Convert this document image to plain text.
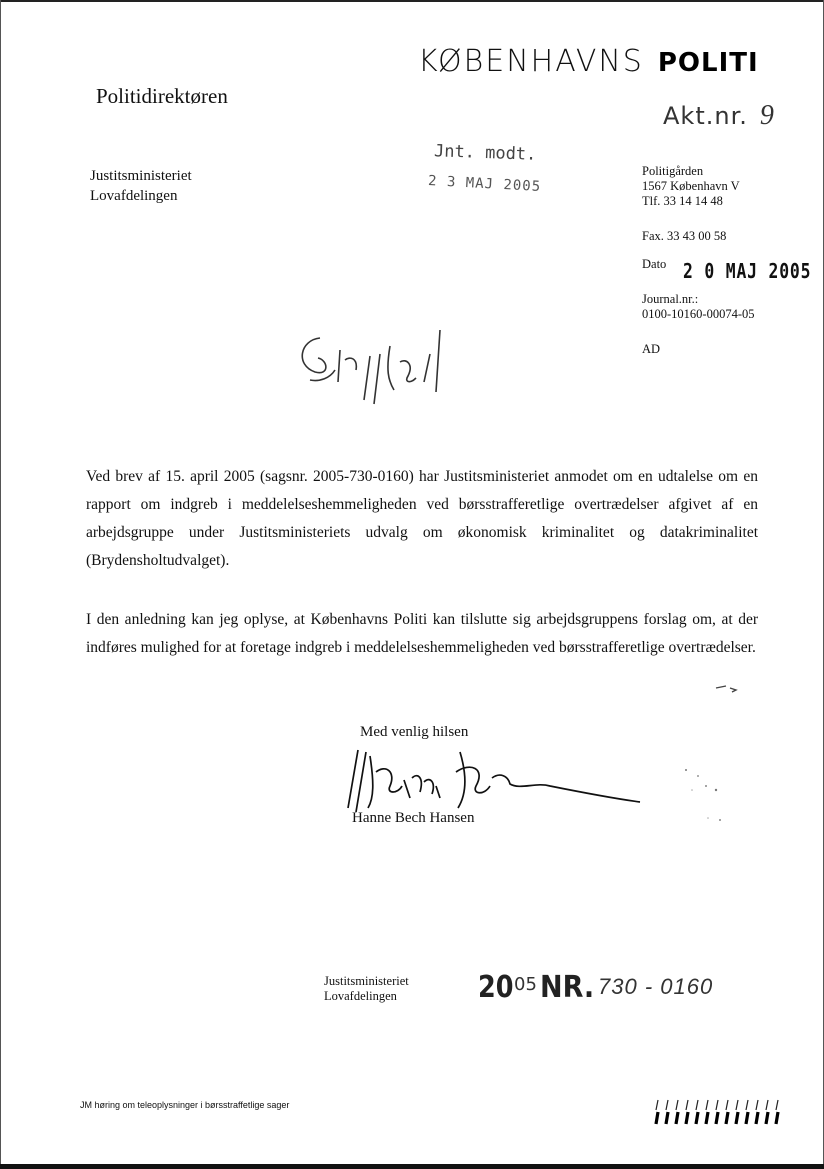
KØBENHAVNS POLITI
Politidirektøren
Akt.nr. 9
Justitsministeriet
Lovafdelingen
Jnt. modt.
2 3 MAJ 2005
Politigården
1567 København V
Tlf. 33 14 14 48
Fax. 33 43 00 58
$^{Dato}$ 2 0 MAJ 2005
Journal.nr.:
0100-10160-00074-05
AD
Ved brev af 15. april 2005 (sagsnr. 2005-730-0160) har Justitsministeriet anmodet om en udtalelse om en rapport om indgreb i meddelelseshemmeligheden ved børsstrafferetlige overtrædelser afgivet af en arbejdsgruppe under Justitsministeriets udvalg om økonomisk kriminalitet og datakriminalitet (Brydensholtudvalget).
I den anledning kan jeg oplyse, at Københavns Politi kan tilslutte sig arbejdsgruppens forslag om, at der indføres mulighed for at foretage indgreb i meddelelseshemmeligheden ved børsstrafferetlige overtrædelser.
Med venlig hilsen
Hanne Bech Hansen
Justitsministeriet
Lovafdelingen	20 05 NR. 730 - 0160
JM høring om teleoplysninger i børsstraffetlige sager
